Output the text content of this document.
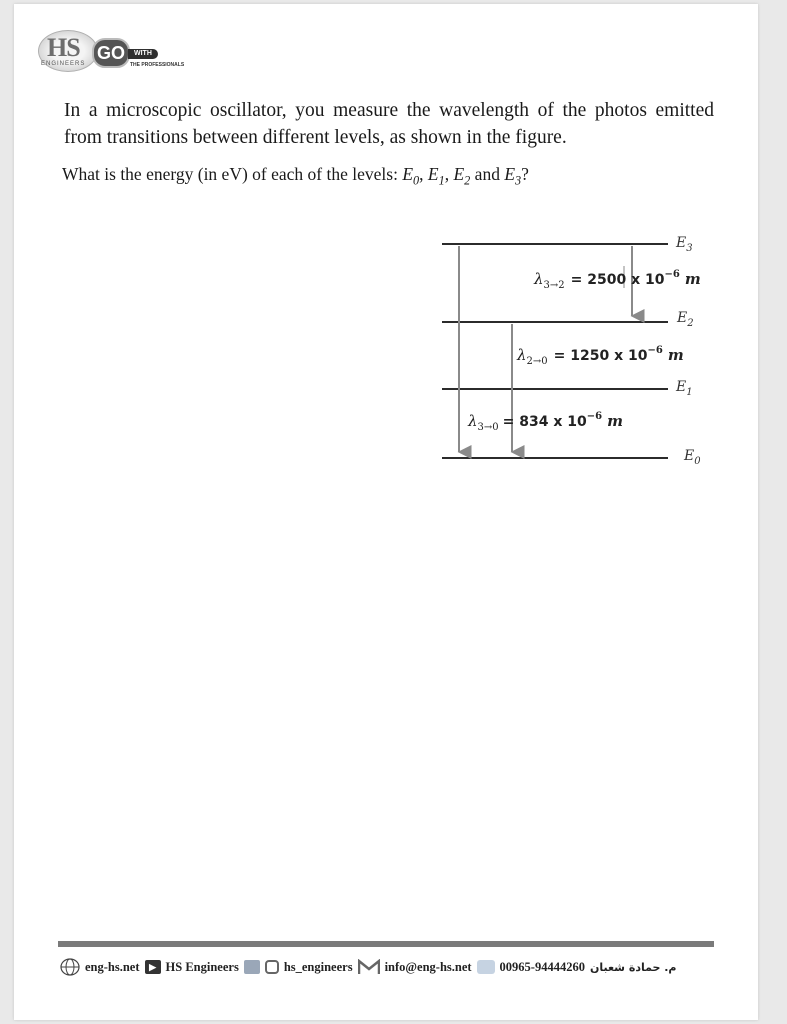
HS
ENGINEERS
GO	WITH
THE PROFESSIONALS
In a microscopic oscillator, you measure the wavelength of the photos emitted from transitions between different levels, as shown in the figure.
What is the energy (in eV) of each of the levels: $E_0$, $E_1$, $E_2$ and $E_3$?
$E_3$
$E_2$
$E_1$
$E_0$
$\lambda_{3\to 2} = 2500$ x $10^{-6}$ m
$\lambda_{2\to 0} = 1250$ x $10^{-6}$ m
$\lambda_{3\to 0} = 834$ x $10^{-6}$ m
eng-hs.net	▶ HS Engineers	hs_engineers	info@eng-hs.net 00965-94444260 م. حمادة شعبان
